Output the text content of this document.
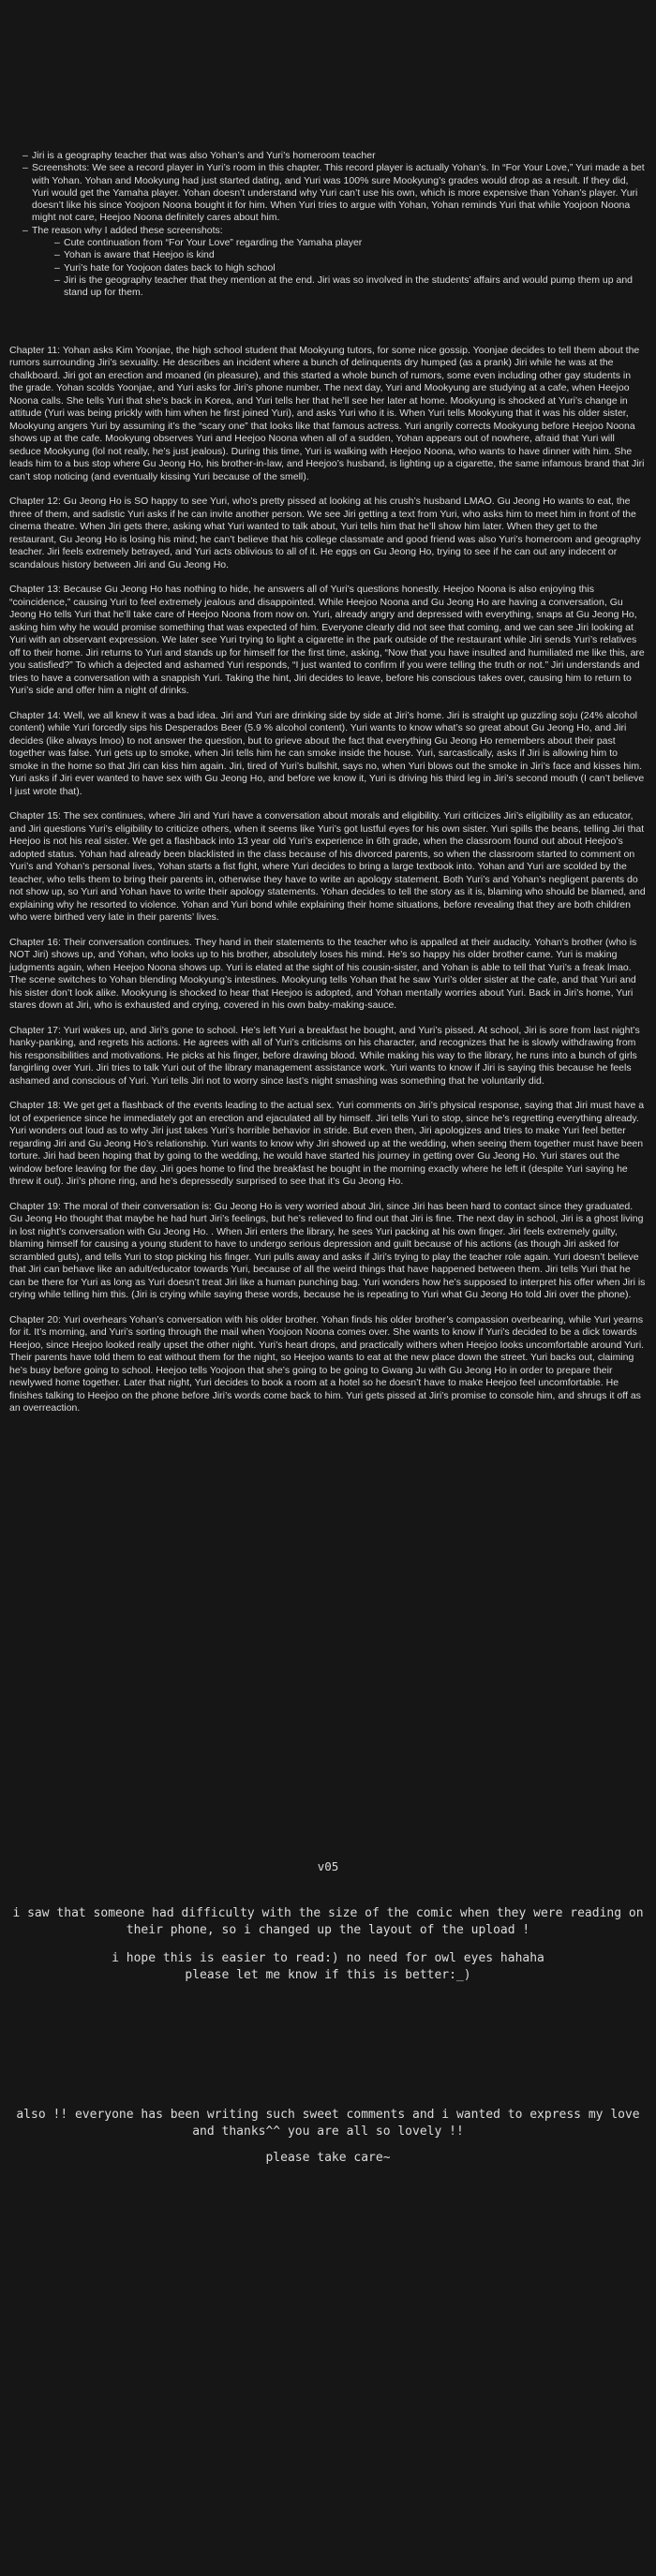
– Jiri is a geography teacher that was also Yohan’s and Yuri’s homeroom teacher
– Screenshots: We see a record player in Yuri’s room in this chapter. This record player is actually Yohan’s. In “For Your Love,” Yuri made a bet with Yohan. Yohan and Mookyung had just started dating, and Yuri was 100% sure Mookyung’s grades would drop as a result. If they did, Yuri would get the Yamaha player. Yohan doesn’t understand why Yuri can’t use his own, which is more expensive than Yohan’s player. Yuri doesn’t like his since Yoojoon Noona bought it for him. When Yuri tries to argue with Yohan, Yohan reminds Yuri that while Yoojoon Noona might not care, Heejoo Noona definitely cares about him.
– The reason why I added these screenshots:
– Cute continuation from “For Your Love” regarding the Yamaha player
– Yohan is aware that Heejoo is kind
– Yuri’s hate for Yoojoon dates back to high school
– Jiri is the geography teacher that they mention at the end. Jiri was so involved in the students’ affairs and would pump them up and stand up for them.

Chapter 11: Yohan asks Kim Yoonjae, the high school student that Mookyung tutors, for some nice gossip. Yoonjae decides to tell them about the rumors surrounding Jiri’s sexuality. He describes an incident where a bunch of delinquents dry humped (as a prank) Jiri while he was at the chalkboard. Jiri got an erection and moaned (in pleasure), and this started a whole bunch of rumors, some even including other gay students in the grade. Yohan scolds Yoonjae, and Yuri asks for Jiri’s phone number. The next day, Yuri and Mookyung are studying at a cafe, when Heejoo Noona calls. She tells Yuri that she’s back in Korea, and Yuri tells her that he’ll see her later at home. Mookyung is shocked at Yuri’s change in attitude (Yuri was being prickly with him when he first joined Yuri), and asks Yuri who it is. When Yuri tells Mookyung that it was his older sister, Mookyung angers Yuri by assuming it’s the “scary one” that looks like that famous actress. Yuri angrily corrects Mookyung before Heejoo Noona shows up at the cafe. Mookyung observes Yuri and Heejoo Noona when all of a sudden, Yohan appears out of nowhere, afraid that Yuri will seduce Mookyung (lol not really, he’s just jealous). During this time, Yuri is walking with Heejoo Noona, who wants to have dinner with him. She leads him to a bus stop where Gu Jeong Ho, his brother-in-law, and Heejoo’s husband, is lighting up a cigarette, the same infamous brand that Jiri can’t stop noticing (and eventually kissing Yuri because of the smell).

Chapter 12: Gu Jeong Ho is SO happy to see Yuri, who’s pretty pissed at looking at his crush’s husband LMAO. Gu Jeong Ho wants to eat, the three of them, and sadistic Yuri asks if he can invite another person. We see Jiri getting a text from Yuri, who asks him to meet him in front of the cinema theatre. When Jiri gets there, asking what Yuri wanted to talk about, Yuri tells him that he’ll show him later. When they get to the restaurant, Gu Jeong Ho is losing his mind; he can’t believe that his college classmate and good friend was also Yuri’s homeroom and geography teacher. Jiri feels extremely betrayed, and Yuri acts oblivious to all of it. He eggs on Gu Jeong Ho, trying to see if he can out any indecent or scandalous history between Jiri and Gu Jeong Ho.

Chapter 13: Because Gu Jeong Ho has nothing to hide, he answers all of Yuri’s questions honestly. Heejoo Noona is also enjoying this “coincidence,” causing Yuri to feel extremely jealous and disappointed. While Heejoo Noona and Gu Jeong Ho are having a conversation, Gu Jeong Ho tells Yuri that he’ll take care of Heejoo Noona from now on. Yuri, already angry and depressed with everything, snaps at Gu Jeong Ho, asking him why he would promise something that was expected of him. Everyone clearly did not see that coming, and we can see Jiri looking at Yuri with an observant expression. We later see Yuri trying to light a cigarette in the park outside of the restaurant while Jiri sends Yuri’s relatives off to their home. Jiri returns to Yuri and stands up for himself for the first time, asking, “Now that you have insulted and humiliated me like this, are you satisfied?” To which a dejected and ashamed Yuri responds, “I just wanted to confirm if you were telling the truth or not.” Jiri understands and tries to have a conversation with a snappish Yuri. Taking the hint, Jiri decides to leave, before his conscious takes over, causing him to return to Yuri’s side and offer him a night of drinks.

Chapter 14: Well, we all knew it was a bad idea. Jiri and Yuri are drinking side by side at Jiri’s home. Jiri is straight up guzzling soju (24% alcohol content) while Yuri forcedly sips his Desperados Beer (5.9 % alcohol content). Yuri wants to know what’s so great about Gu Jeong Ho, and Jiri decides (like always lmoo) to not answer the question, but to grieve about the fact that everything Gu Jeong Ho remembers about their past together was false. Yuri gets up to smoke, when Jiri tells him he can smoke inside the house. Yuri, sarcastically, asks if Jiri is allowing him to smoke in the home so that Jiri can kiss him again. Jiri, tired of Yuri’s bullshit, says no, when Yuri blows out the smoke in Jiri’s face and kisses him. Yuri asks if Jiri ever wanted to have sex with Gu Jeong Ho, and before we know it, Yuri is driving his third leg in Jiri’s second mouth (I can’t believe I just wrote that).

Chapter 15: The sex continues, where Jiri and Yuri have a conversation about morals and eligibility. Yuri criticizes Jiri’s eligibility as an educator, and Jiri questions Yuri’s eligibility to criticize others, when it seems like Yuri’s got lustful eyes for his own sister. Yuri spills the beans, telling Jiri that Heejoo is not his real sister. We get a flashback into 13 year old Yuri’s experience in 6th grade, when the classroom found out about Heejoo’s adopted status. Yohan had already been blacklisted in the class because of his divorced parents, so when the classroom started to comment on Yuri’s and Yohan’s personal lives, Yohan starts a fist fight, where Yuri decides to bring a large textbook into. Yohan and Yuri are scolded by the teacher, who tells them to bring their parents in, otherwise they have to write an apology statement. Both Yuri’s and Yohan’s negligent parents do not show up, so Yuri and Yohan have to write their apology statements. Yohan decides to tell the story as it is, blaming who should be blamed, and explaining why he resorted to violence. Yohan and Yuri bond while explaining their home situations, before revealing that they are both children who were birthed very late in their parents’ lives.

Chapter 16: Their conversation continues. They hand in their statements to the teacher who is appalled at their audacity. Yohan’s brother (who is NOT Jiri) shows up, and Yohan, who looks up to his brother, absolutely loses his mind. He’s so happy his older brother came. Yuri is making judgments again, when Heejoo Noona shows up. Yuri is elated at the sight of his cousin-sister, and Yohan is able to tell that Yuri’s a freak lmao. The scene switches to Yohan blending Mookyung’s intestines. Mookyung tells Yohan that he saw Yuri’s older sister at the cafe, and that Yuri and his sister don’t look alike. Mookyung is shocked to hear that Heejoo is adopted, and Yohan mentally worries about Yuri. Back in Jiri’s home, Yuri stares down at Jiri, who is exhausted and crying, covered in his own baby-making-sauce.

Chapter 17: Yuri wakes up, and Jiri’s gone to school. He’s left Yuri a breakfast he bought, and Yuri’s pissed. At school, Jiri is sore from last night’s hanky-panking, and regrets his actions. He agrees with all of Yuri’s criticisms on his character, and recognizes that he is slowly withdrawing from his responsibilities and motivations. He picks at his finger, before drawing blood. While making his way to the library, he runs into a bunch of girls fangirling over Yuri. Jiri tries to talk Yuri out of the library management assistance work. Yuri wants to know if Jiri is saying this because he feels ashamed and conscious of Yuri. Yuri tells Jiri not to worry since last’s night smashing was something that he voluntarily did.

Chapter 18: We get get a flashback of the events leading to the actual sex. Yuri comments on Jiri’s physical response, saying that Jiri must have a lot of experience since he immediately got an erection and ejaculated all by himself. Jiri tells Yuri to stop, since he’s regretting everything already. Yuri wonders out loud as to why Jiri just takes Yuri’s horrible behavior in stride. But even then, Jiri apologizes and tries to make Yuri feel better regarding Jiri and Gu Jeong Ho’s relationship. Yuri wants to know why Jiri showed up at the wedding, when seeing them together must have been torture. Jiri had been hoping that by going to the wedding, he would have started his journey in getting over Gu Jeong Ho. Yuri stares out the window before leaving for the day. Jiri goes home to find the breakfast he bought in the morning exactly where he left it (despite Yuri saying he threw it out). Jiri’s phone ring, and he’s depressedly surprised to see that it’s Gu Jeong Ho.

Chapter 19: The moral of their conversation is: Gu Jeong Ho is very worried about Jiri, since Jiri has been hard to contact since they graduated. Gu Jeong Ho thought that maybe he had hurt Jiri’s feelings, but he’s relieved to find out that Jiri is fine. The next day in school, Jiri is a ghost living in lost night’s conversation with Gu Jeong Ho. . When Jiri enters the library, he sees Yuri packing at his own finger. Jiri feels extremely guilty, blaming himself for causing a young student to have to undergo serious depression and guilt because of his actions (as though Jiri asked for scrambled guts), and tells Yuri to stop picking his finger. Yuri pulls away and asks if Jiri’s trying to play the teacher role again. Yuri doesn’t believe that Jiri can behave like an adult/educator towards Yuri, because of all the weird things that have happened between them. Jiri tells Yuri that he can be there for Yuri as long as Yuri doesn’t treat Jiri like a human punching bag. Yuri wonders how he’s supposed to interpret his offer when Jiri is crying while telling him this. (Jiri is crying while saying these words, because he is repeating to Yuri what Gu Jeong Ho told Jiri over the phone).

Chapter 20: Yuri overhears Yohan’s conversation with his older brother. Yohan finds his older brother’s compassion overbearing, while Yuri yearns for it. It’s morning, and Yuri’s sorting through the mail when Yoojoon Noona comes over. She wants to know if Yuri’s decided to be a dick towards Heejoo, since Heejoo looked really upset the other night. Yuri’s heart drops, and practically withers when Heejoo looks uncomfortable around Yuri. Their parents have told them to eat without them for the night, so Heejoo wants to eat at the new place down the street. Yuri backs out, claiming he’s busy before going to school. Heejoo tells Yoojoon that she’s going to be going to Gwang Ju with Gu Jeong Ho in order to prepare their newlywed home together. Later that night, Yuri decides to book a room at a hotel so he doesn’t have to make Heejoo feel uncomfortable. He finishes talking to Heejoo on the phone before Jiri’s words come back to him. Yuri gets pissed at Jiri’s promise to console him, and shrugs it off as an overreaction.

v05
i saw that someone had difficulty with the size of the comic when they were reading on their phone, so i changed up the layout of the upload !
i hope this is easier to read:) no need for owl eyes hahaha
please let me know if this is better:_)
also !! everyone has been writing such sweet comments and i wanted to express my love and thanks^^ you are all so lovely !!
please take care~
